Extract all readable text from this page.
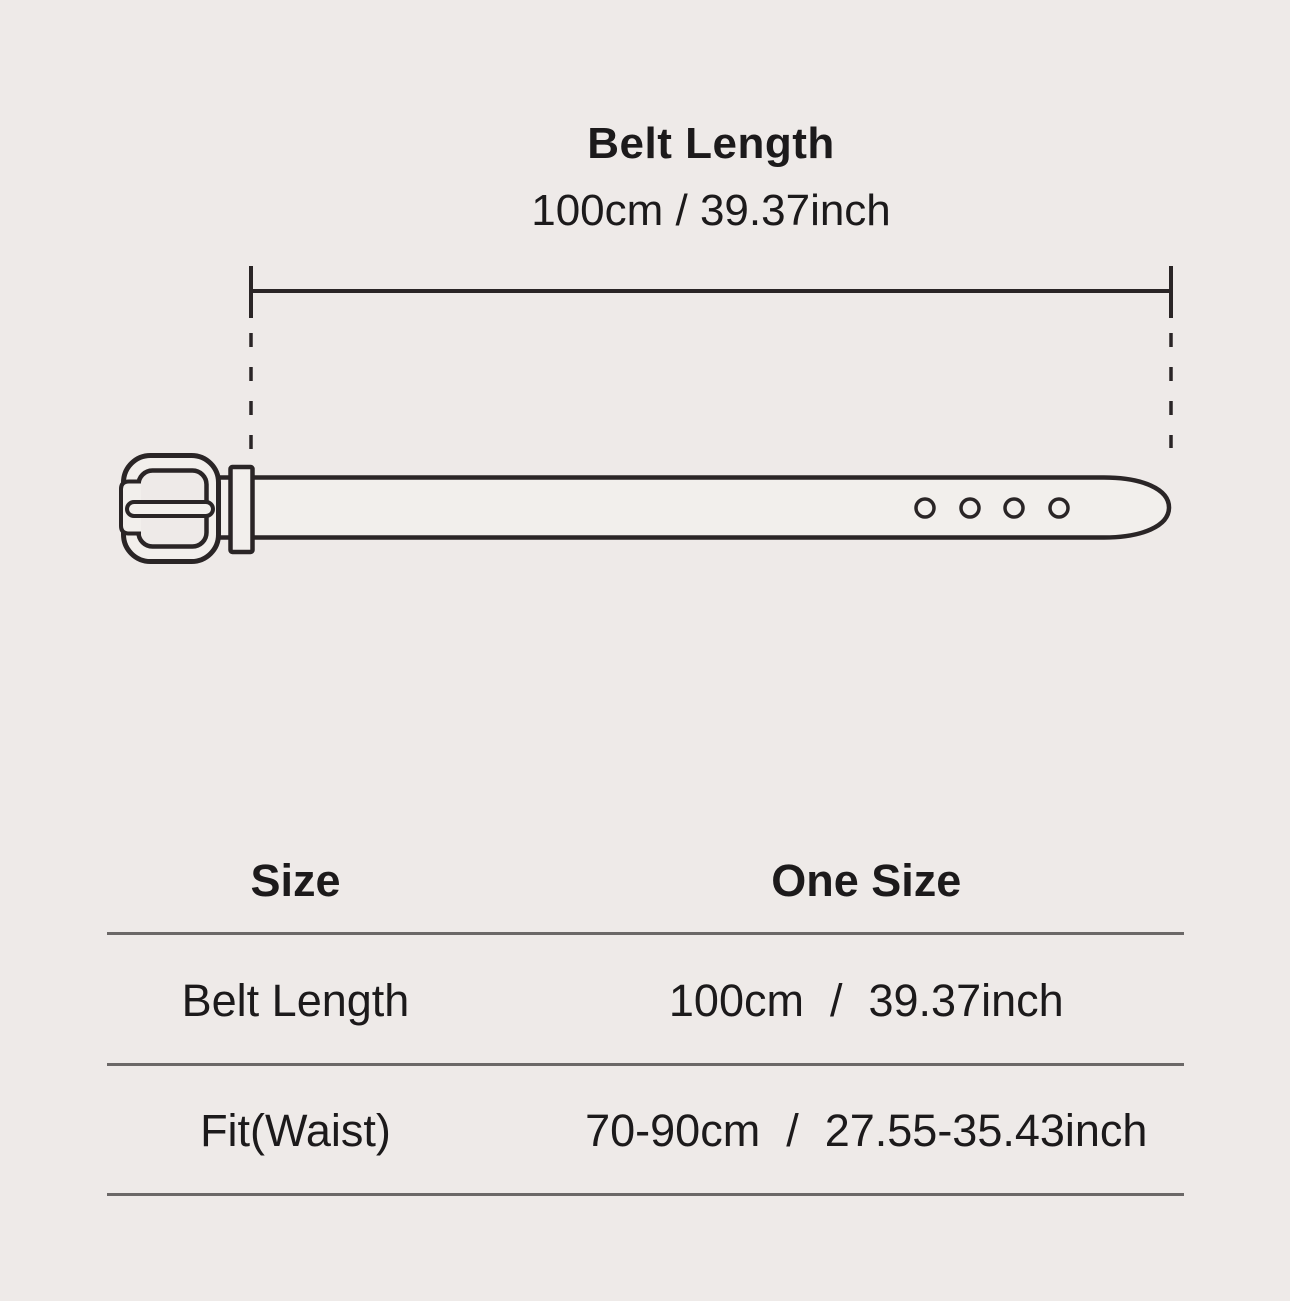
Belt Length
100cm / 39.37inch
Size	One Size
Belt Length	100cm / 39.37inch
Fit(Waist)	70-90cm / 27.55-35.43inch
